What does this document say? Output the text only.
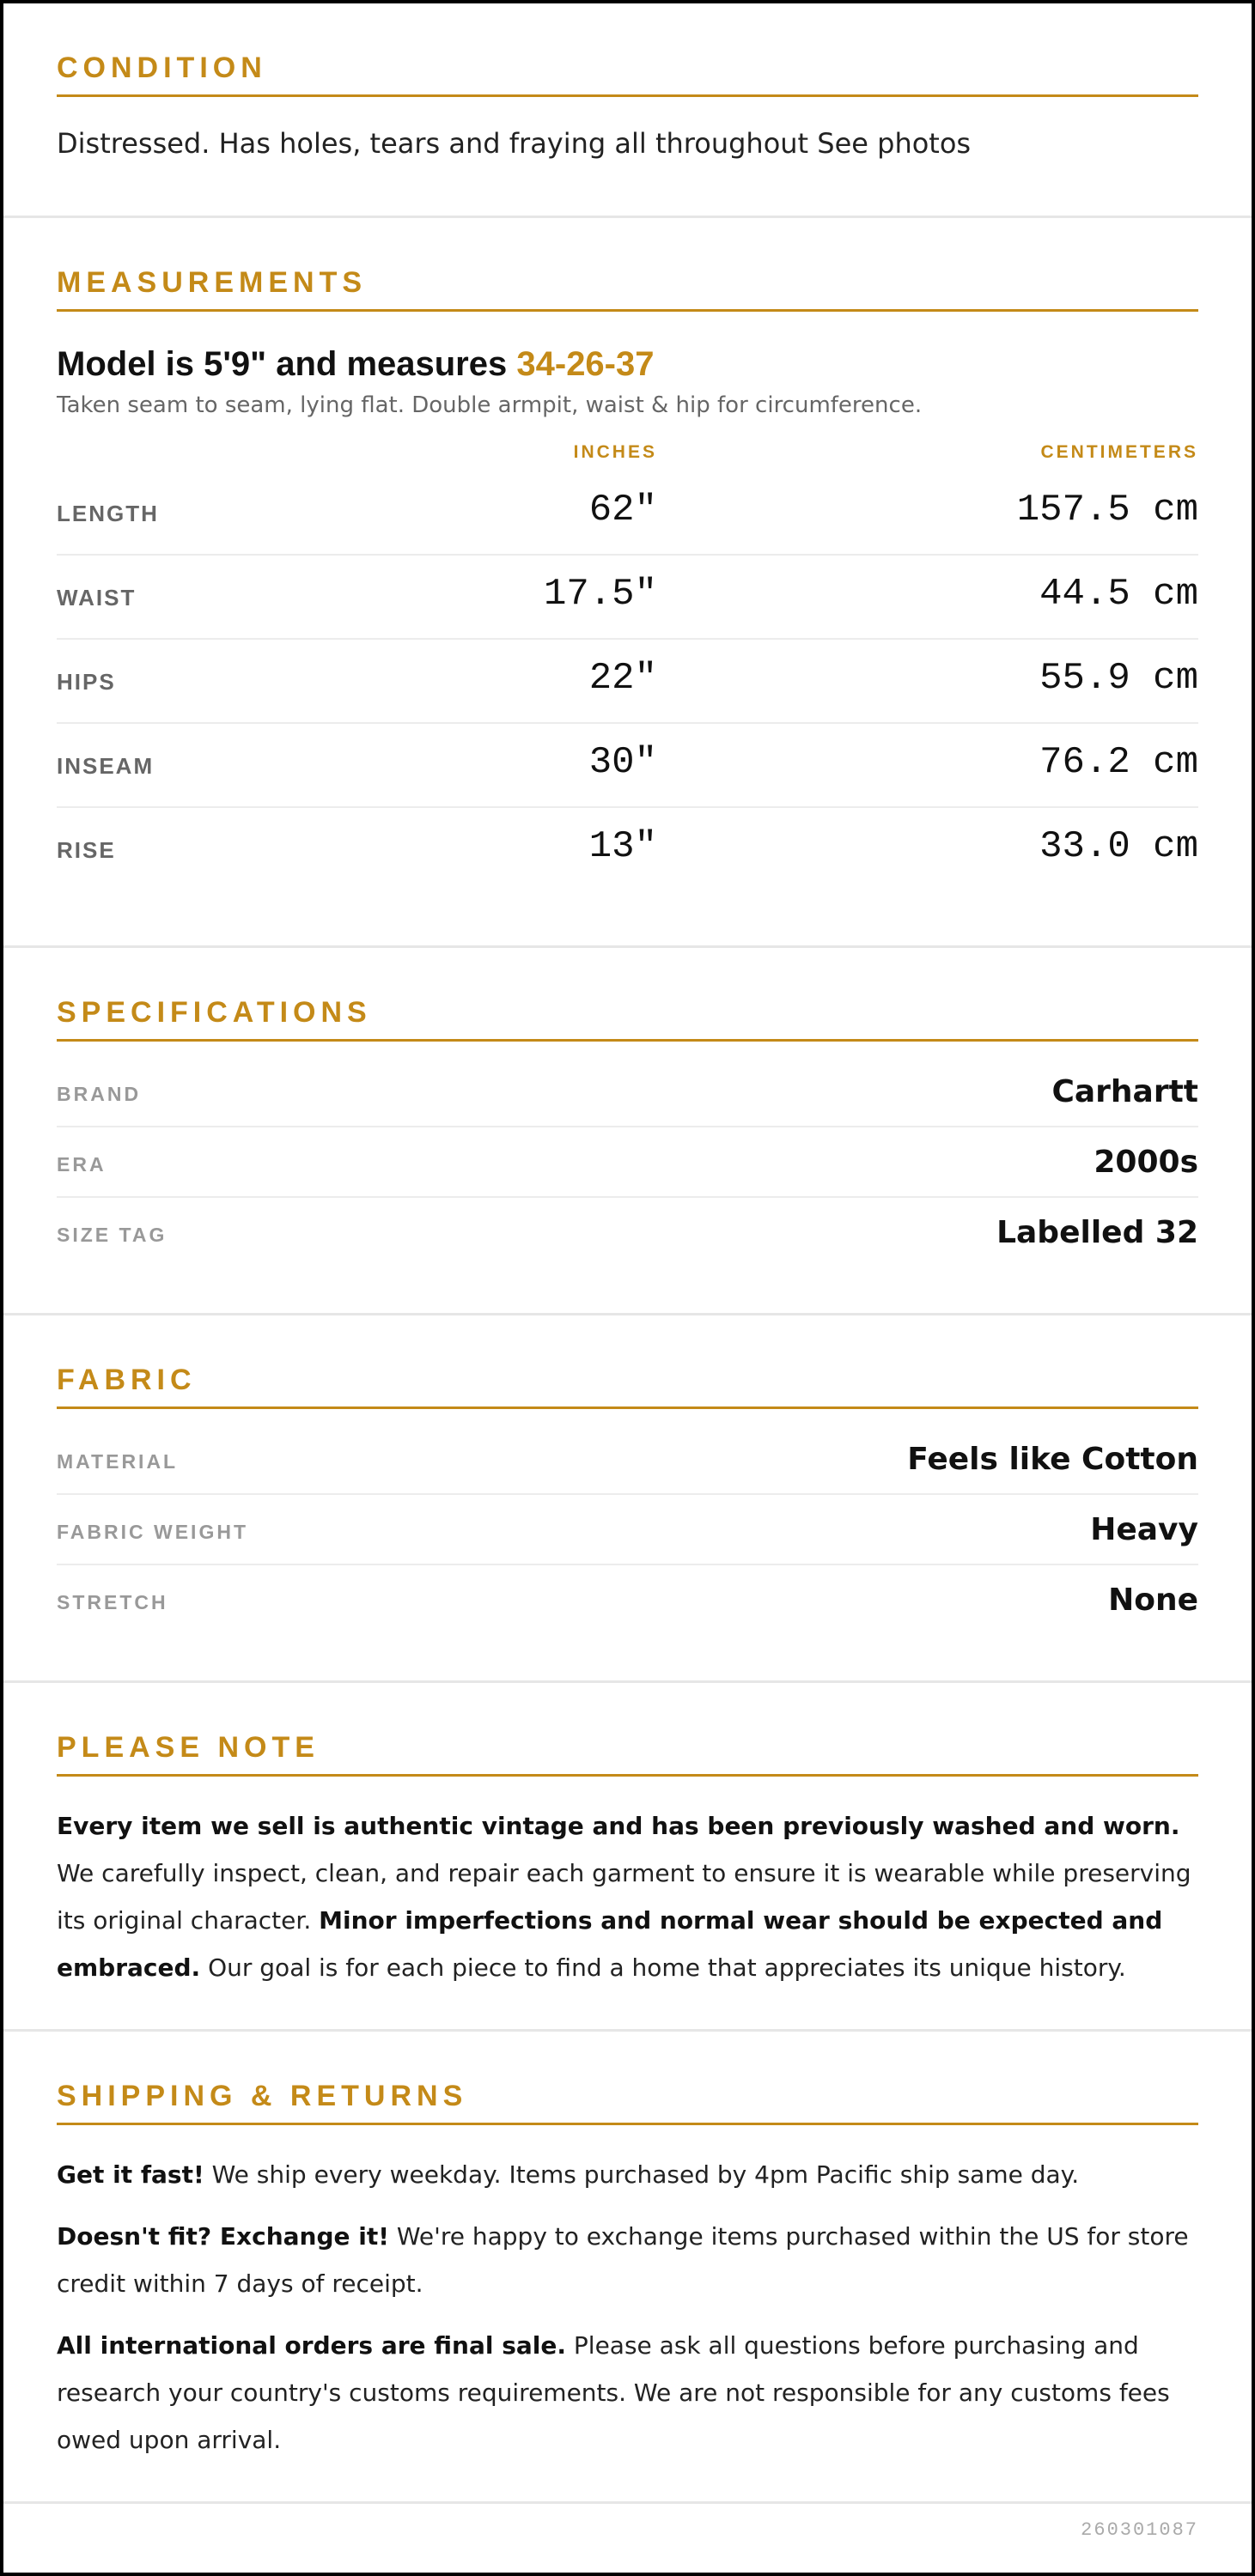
CONDITION
Distressed. Has holes, tears and fraying all throughout See photos
MEASUREMENTS
Model is 5'9" and measures 34-26-37
Taken seam to seam, lying flat. Double armpit, waist & hip for circumference.
INCHES	CENTIMETERS
LENGTH	62"	157.5 cm
WAIST	17.5"	44.5 cm
HIPS	22"	55.9 cm
INSEAM	30"	76.2 cm
RISE	13"	33.0 cm
SPECIFICATIONS
BRAND	Carhartt
ERA	2000s
SIZE TAG	Labelled 32
FABRIC
MATERIAL	Feels like Cotton
FABRIC WEIGHT	Heavy
STRETCH	None
PLEASE NOTE
Every item we sell is authentic vintage and has been previously washed and worn. We carefully inspect, clean, and repair each garment to ensure it is wearable while preserving its original character. Minor imperfections and normal wear should be expected and embraced. Our goal is for each piece to find a home that appreciates its unique history.
SHIPPING & RETURNS

Get it fast! We ship every weekday. Items purchased by 4pm Pacific ship same day.

Doesn't fit? Exchange it! We're happy to exchange items purchased within the US for store credit within 7 days of receipt.

All international orders are final sale. Please ask all questions before purchasing and research your country's customs requirements. We are not responsible for any customs fees owed upon arrival.

260301087
